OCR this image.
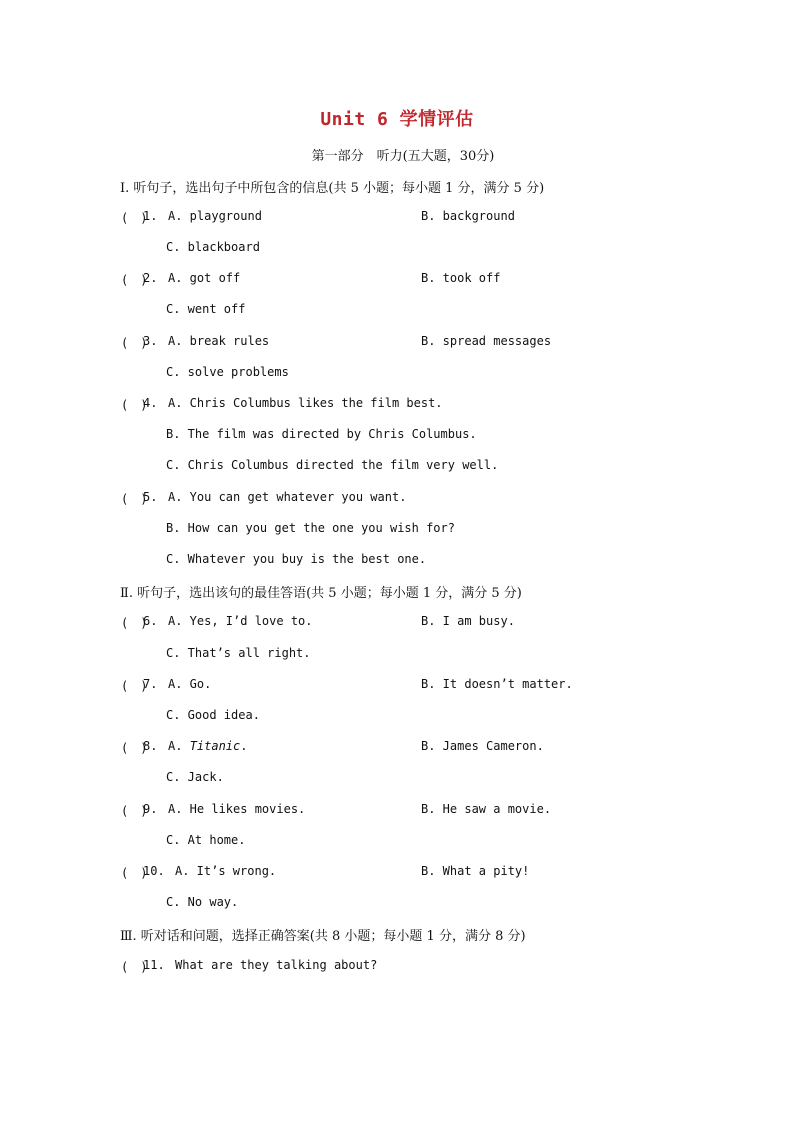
Unit 6 学情评估
第一部分　听力(五大题，30分)
Ⅰ. 听句子，选出句子中所包含的信息(共 5 小题；每小题 1 分，满分 5 分)
(　)
1. A. playground	B. background
C. blackboard
(　)
2. A. got off	B. took off
C. went off
(　)
3. A. break rules	B. spread messages
C. solve problems
(　)
4. A. Chris Columbus likes the film best.
B. The film was directed by Chris Columbus.
C. Chris Columbus directed the film very well.
(　)
5. A. You can get whatever you want.
B. How can you get the one you wish for?
C. Whatever you buy is the best one.
Ⅱ. 听句子，选出该句的最佳答语(共 5 小题；每小题 1 分，满分 5 分)
(　)
6. A. Yes, I’d love to.	B. I am busy.
C. That’s all right.
(　)
7. A. Go.	B. It doesn’t matter.
C. Good idea.
(　)
8. A. Titanic.	B. James Cameron.
C. Jack.
(　)
9. A. He likes movies.	B. He saw a movie.
C. At home.
(　)
10. A. It’s wrong.	B. What a pity!
C. No way.
Ⅲ. 听对话和问题，选择正确答案(共 8 小题；每小题 1 分，满分 8 分)
(　)
11. What are they talking about?
